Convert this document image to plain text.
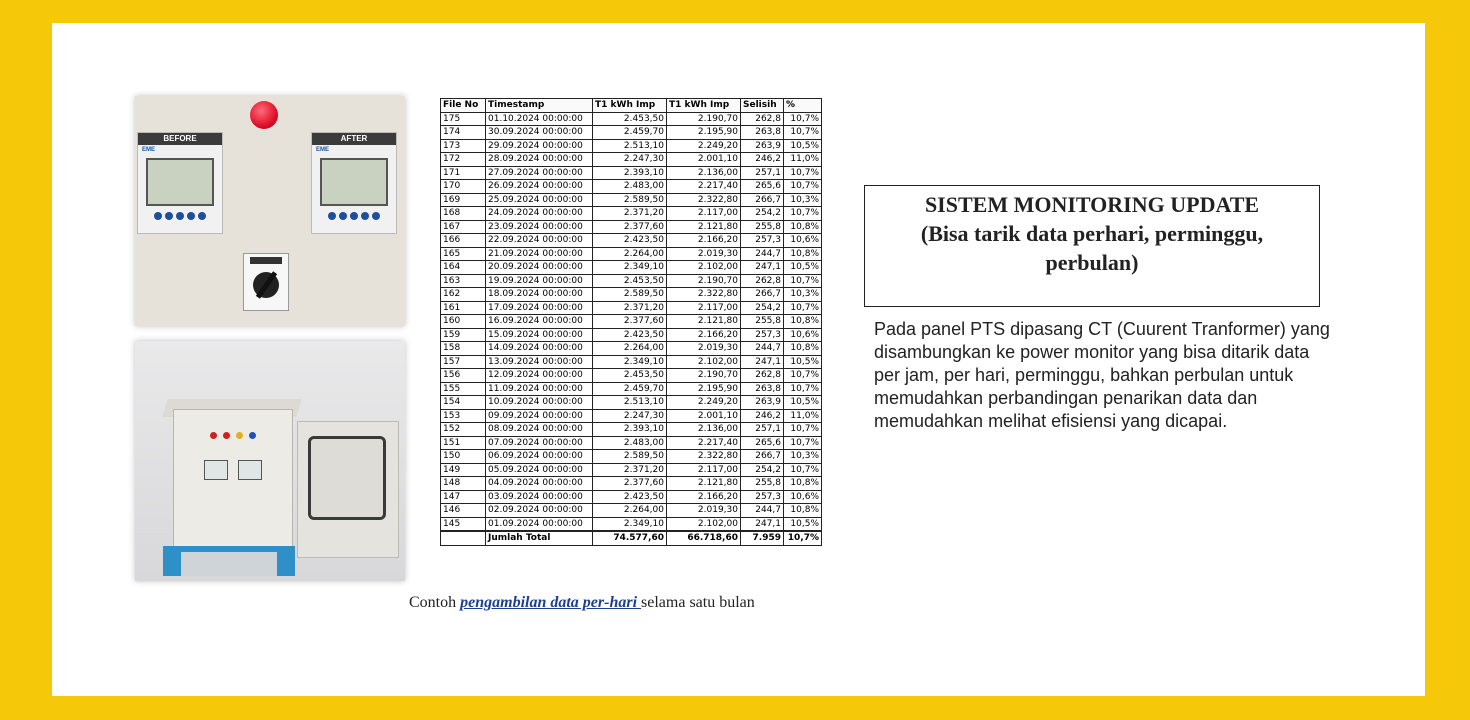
BEFORE
EME
AFTER
EME
File No	Timestamp	T1 kWh Imp	T1 kWh Imp	Selisih	%
175	01.10.2024 00:00:00	2.453,50	2.190,70	262,8	10,7%
174	30.09.2024 00:00:00	2.459,70	2.195,90	263,8	10,7%
173	29.09.2024 00:00:00	2.513,10	2.249,20	263,9	10,5%
172	28.09.2024 00:00:00	2.247,30	2.001,10	246,2	11,0%
171	27.09.2024 00:00:00	2.393,10	2.136,00	257,1	10,7%
170	26.09.2024 00:00:00	2.483,00	2.217,40	265,6	10,7%
169	25.09.2024 00:00:00	2.589,50	2.322,80	266,7	10,3%
168	24.09.2024 00:00:00	2.371,20	2.117,00	254,2	10,7%
167	23.09.2024 00:00:00	2.377,60	2.121,80	255,8	10,8%
166	22.09.2024 00:00:00	2.423,50	2.166,20	257,3	10,6%
165	21.09.2024 00:00:00	2.264,00	2.019,30	244,7	10,8%
164	20.09.2024 00:00:00	2.349,10	2.102,00	247,1	10,5%
163	19.09.2024 00:00:00	2.453,50	2.190,70	262,8	10,7%
162	18.09.2024 00:00:00	2.589,50	2.322,80	266,7	10,3%
161	17.09.2024 00:00:00	2.371,20	2.117,00	254,2	10,7%
160	16.09.2024 00:00:00	2.377,60	2.121,80	255,8	10,8%
159	15.09.2024 00:00:00	2.423,50	2.166,20	257,3	10,6%
158	14.09.2024 00:00:00	2.264,00	2.019,30	244,7	10,8%
157	13.09.2024 00:00:00	2.349,10	2.102,00	247,1	10,5%
156	12.09.2024 00:00:00	2.453,50	2.190,70	262,8	10,7%
155	11.09.2024 00:00:00	2.459,70	2.195,90	263,8	10,7%
154	10.09.2024 00:00:00	2.513,10	2.249,20	263,9	10,5%
153	09.09.2024 00:00:00	2.247,30	2.001,10	246,2	11,0%
152	08.09.2024 00:00:00	2.393,10	2.136,00	257,1	10,7%
151	07.09.2024 00:00:00	2.483,00	2.217,40	265,6	10,7%
150	06.09.2024 00:00:00	2.589,50	2.322,80	266,7	10,3%
149	05.09.2024 00:00:00	2.371,20	2.117,00	254,2	10,7%
148	04.09.2024 00:00:00	2.377,60	2.121,80	255,8	10,8%
147	03.09.2024 00:00:00	2.423,50	2.166,20	257,3	10,6%
146	02.09.2024 00:00:00	2.264,00	2.019,30	244,7	10,8%
145	01.09.2024 00:00:00	2.349,10	2.102,00	247,1	10,5%
	Jumlah Total	74.577,60	66.718,60	7.959	10,7%
Contoh pengambilan data per-hari selama satu bulan
SISTEM MONITORING UPDATE
(Bisa tarik data perhari, perminggu,
perbulan)
Pada panel PTS dipasang CT (Cuurent Tranformer) yang disambungkan ke power monitor yang bisa ditarik data per jam, per hari, perminggu, bahkan perbulan untuk memudahkan perbandingan penarikan data dan memudahkan melihat efisiensi yang dicapai.
